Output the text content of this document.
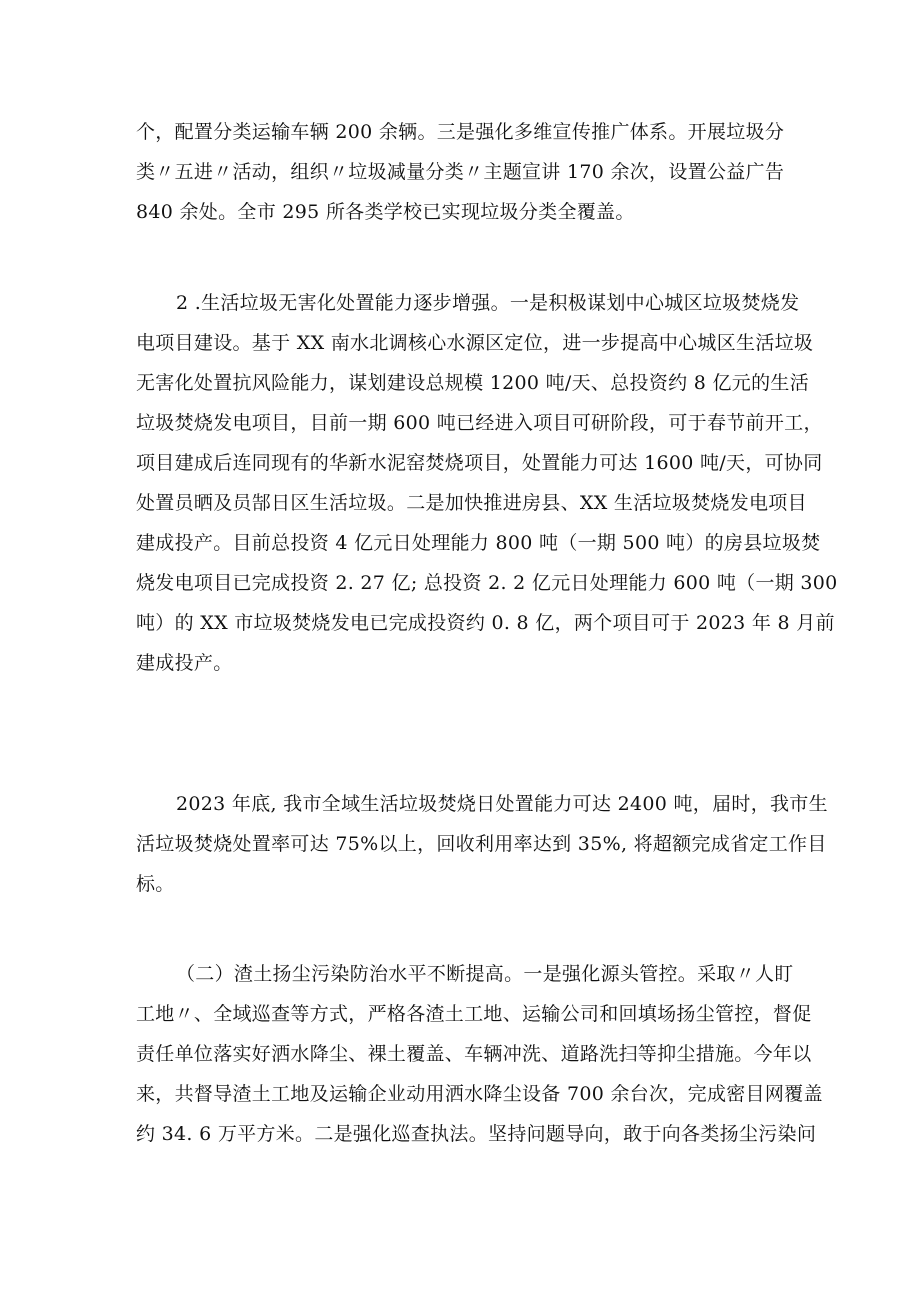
个，配置分类运输车辆 200 余辆。三是强化多维宣传推广体系。开展垃圾分
类〃五进〃活动，组织〃垃圾减量分类〃主题宣讲 170 余次，设置公益广告
840 余处。全市 295 所各类学校已实现垃圾分类全覆盖。
2 .生活垃圾无害化处置能力逐步增强。一是积极谋划中心城区垃圾焚烧发
电项目建设。基于 XX 南水北调核心水源区定位，进一步提高中心城区生活垃圾
无害化处置抗风险能力，谋划建设总规模 1200 吨/天、总投资约 8 亿元的生活
垃圾焚烧发电项目，目前一期 600 吨已经进入项目可研阶段，可于春节前开工，
项目建成后连同现有的华新水泥窑焚烧项目，处置能力可达 1600 吨/天，可协同
处置员晒及员郜日区生活垃圾。二是加快推进房县、XX 生活垃圾焚烧发电项目
建成投产。目前总投资 4 亿元日处理能力 800 吨（一期 500 吨）的房县垃圾焚
烧发电项目已完成投资 2. 27 亿; 总投资 2. 2 亿元日处理能力 600 吨（一期 300
吨）的 XX 市垃圾焚烧发电已完成投资约 0. 8 亿，两个项目可于 2023 年 8 月前
建成投产。
2023 年底, 我市全域生活垃圾焚烧日处置能力可达 2400 吨，届时，我市生
活垃圾焚烧处置率可达 75%以上，回收利用率达到 35%, 将超额完成省定工作目
标。
（二）渣土扬尘污染防治水平不断提高。一是强化源头管控。采取〃人盯
工地〃、全域巡查等方式，严格各渣土工地、运输公司和回填场扬尘管控，督促
责任单位落实好洒水降尘、裸土覆盖、车辆冲洗、道路洗扫等抑尘措施。今年以
来，共督导渣土工地及运输企业动用洒水降尘设备 700 余台次，完成密目网覆盖
约 34. 6 万平方米。二是强化巡查执法。坚持问题导向，敢于向各类扬尘污染问
